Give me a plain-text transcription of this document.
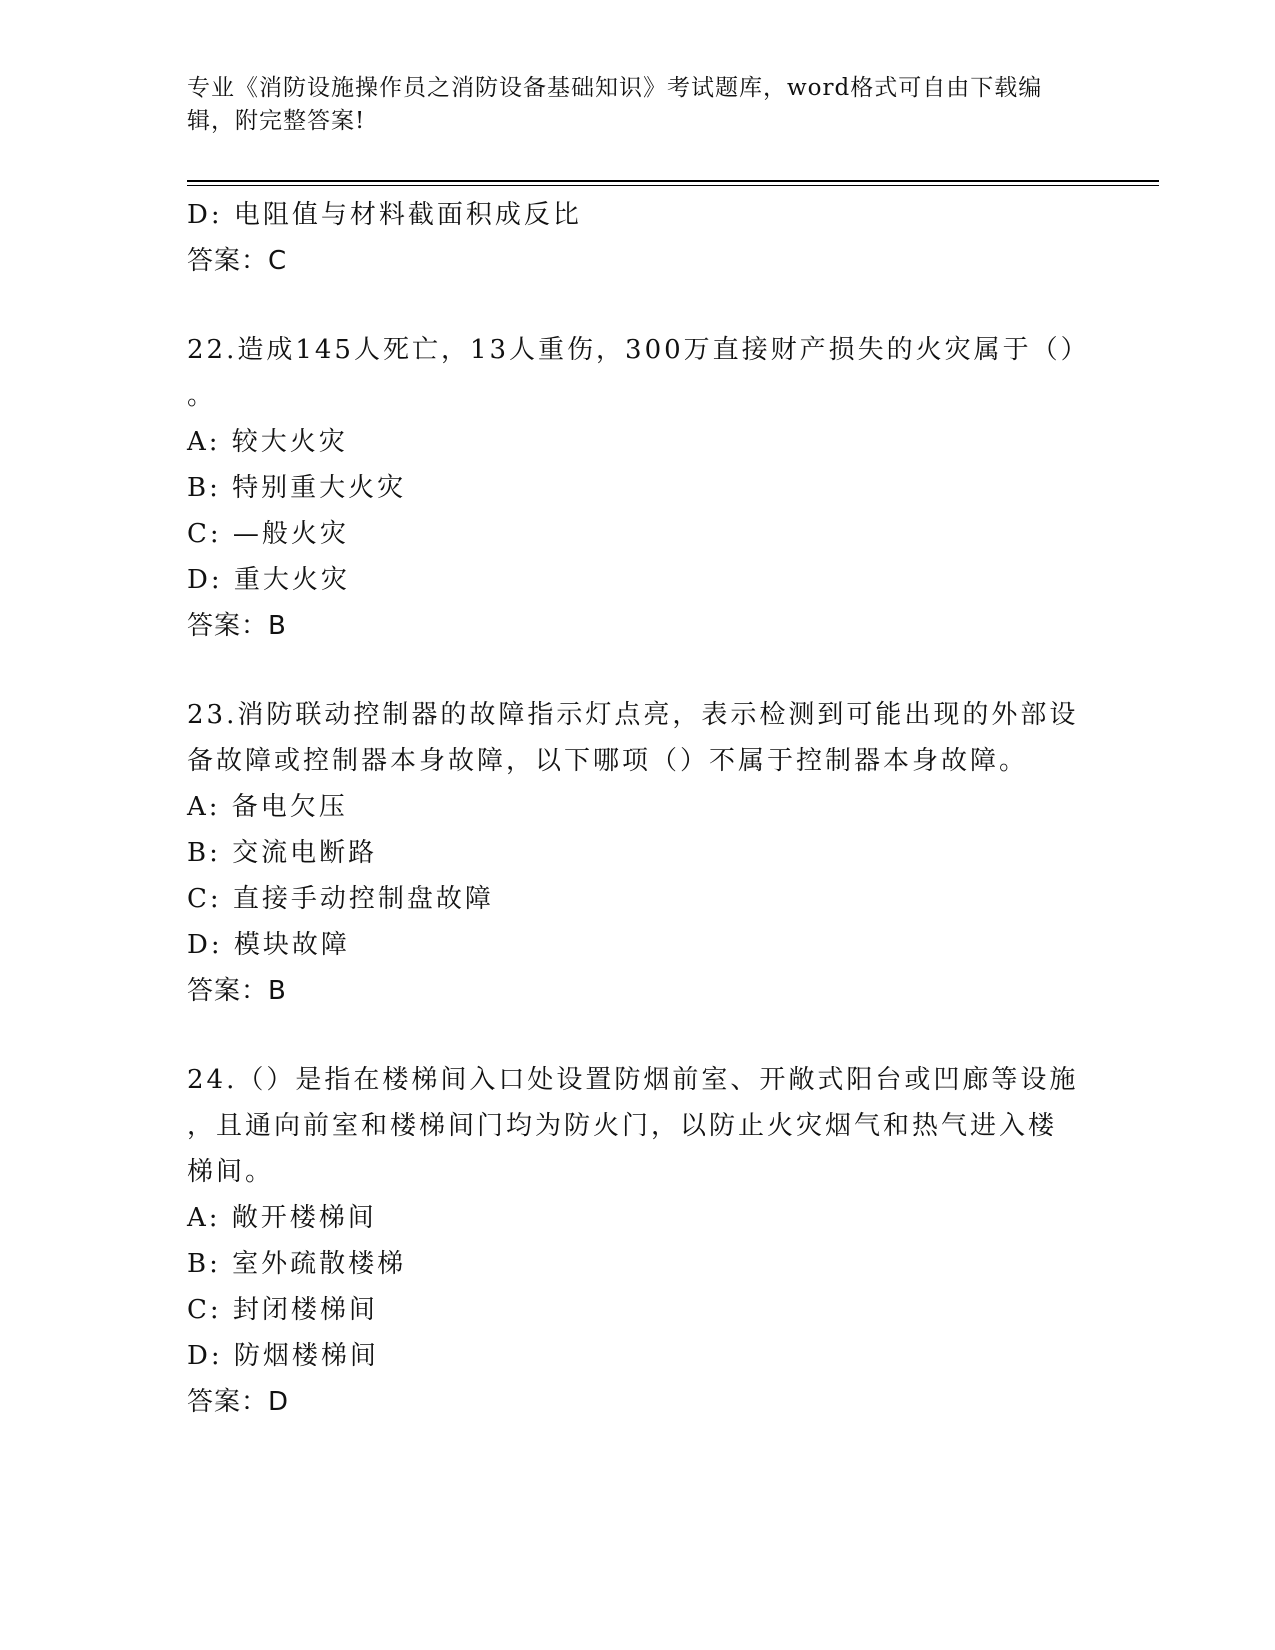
专业《消防设施操作员之消防设备基础知识》考试题库，word格式可自由下载编
辑，附完整答案!
D: 电阻值与材料截面积成反比
答案：C
22.造成145人死亡，13人重伤，300万直接财产损失的火灾属于（）
。
A: 较大火灾
B: 特别重大火灾
C: —般火灾
D: 重大火灾
答案：B
23.消防联动控制器的故障指示灯点亮，表示检测到可能出现的外部设
备故障或控制器本身故障，以下哪项（）不属于控制器本身故障。
A: 备电欠压
B: 交流电断路
C: 直接手动控制盘故障
D: 模块故障
答案：B
24.（）是指在楼梯间入口处设置防烟前室、开敞式阳台或凹廊等设施
，且通向前室和楼梯间门均为防火门，以防止火灾烟气和热气进入楼
梯间。
A: 敞开楼梯间
B: 室外疏散楼梯
C: 封闭楼梯间
D: 防烟楼梯间
答案：D
